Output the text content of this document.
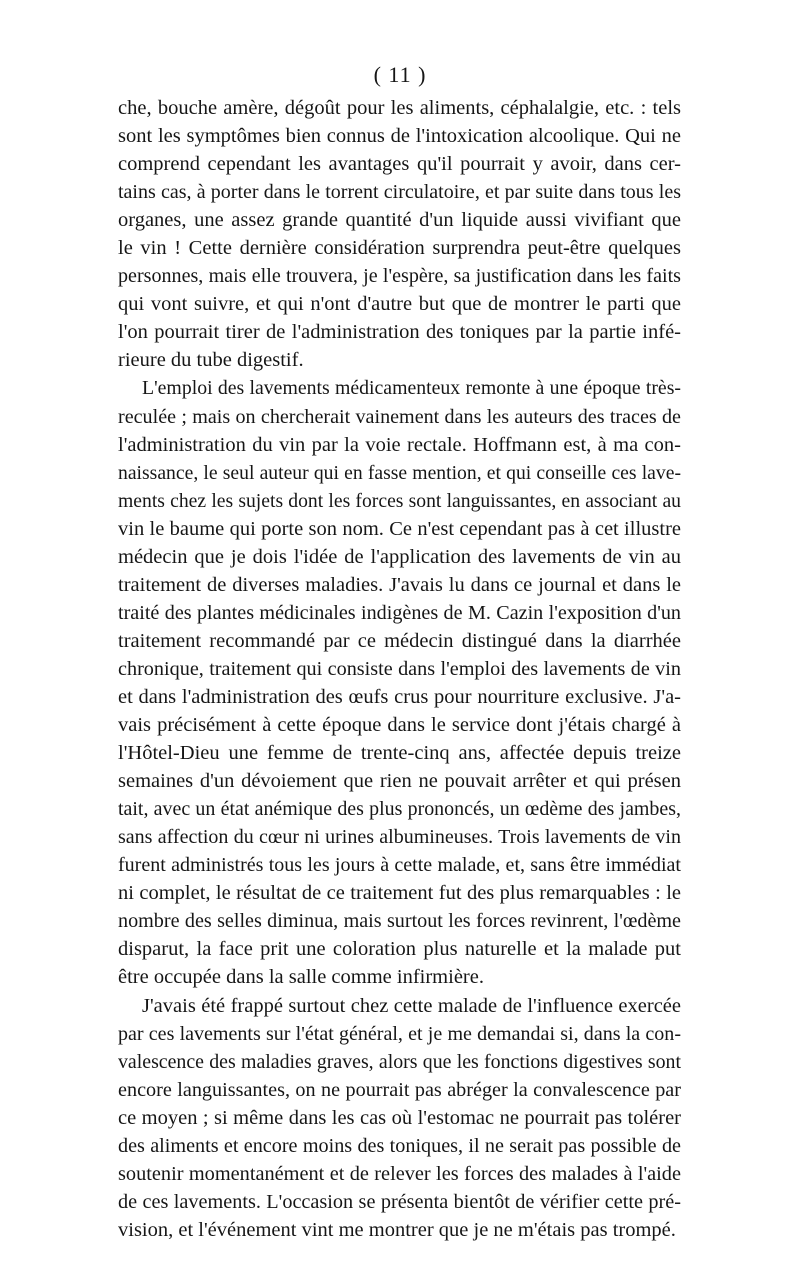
( 11 )
che, bouche amère, dégoût pour les aliments, céphalalgie, etc. : tels
sont les symptômes bien connus de l'intoxication alcoolique. Qui ne
comprend cependant les avantages qu'il pourrait y avoir, dans cer-
tains cas, à porter dans le torrent circulatoire, et par suite dans tous les
organes, une assez grande quantité d'un liquide aussi vivifiant que
le vin ! Cette dernière considération surprendra peut-être quelques
personnes, mais elle trouvera, je l'espère, sa justification dans les faits
qui vont suivre, et qui n'ont d'autre but que de montrer le parti que
l'on pourrait tirer de l'administration des toniques par la partie infé-
rieure du tube digestif.
L'emploi des lavements médicamenteux remonte à une époque très-
reculée ; mais on chercherait vainement dans les auteurs des traces de
l'administration du vin par la voie rectale. Hoffmann est, à ma con-
naissance, le seul auteur qui en fasse mention, et qui conseille ces lave-
ments chez les sujets dont les forces sont languissantes, en associant au
vin le baume qui porte son nom. Ce n'est cependant pas à cet illustre
médecin que je dois l'idée de l'application des lavements de vin au
traitement de diverses maladies. J'avais lu dans ce journal et dans le
traité des plantes médicinales indigènes de M. Cazin l'exposition d'un
traitement recommandé par ce médecin distingué dans la diarrhée
chronique, traitement qui consiste dans l'emploi des lavements de vin
et dans l'administration des œufs crus pour nourriture exclusive. J'a-
vais précisément à cette époque dans le service dont j'étais chargé à
l'Hôtel-Dieu une femme de trente-cinq ans, affectée depuis treize
semaines d'un dévoiement que rien ne pouvait arrêter et qui présen
tait, avec un état anémique des plus prononcés, un œdème des jambes,
sans affection du cœur ni urines albumineuses. Trois lavements de vin
furent administrés tous les jours à cette malade, et, sans être immédiat
ni complet, le résultat de ce traitement fut des plus remarquables : le
nombre des selles diminua, mais surtout les forces revinrent, l'œdème
disparut, la face prit une coloration plus naturelle et la malade put
être occupée dans la salle comme infirmière.
J'avais été frappé surtout chez cette malade de l'influence exercée
par ces lavements sur l'état général, et je me demandai si, dans la con-
valescence des maladies graves, alors que les fonctions digestives sont
encore languissantes, on ne pourrait pas abréger la convalescence par
ce moyen ; si même dans les cas où l'estomac ne pourrait pas tolérer
des aliments et encore moins des toniques, il ne serait pas possible de
soutenir momentanément et de relever les forces des malades à l'aide
de ces lavements. L'occasion se présenta bientôt de vérifier cette pré-
vision, et l'événement vint me montrer que je ne m'étais pas trompé.
